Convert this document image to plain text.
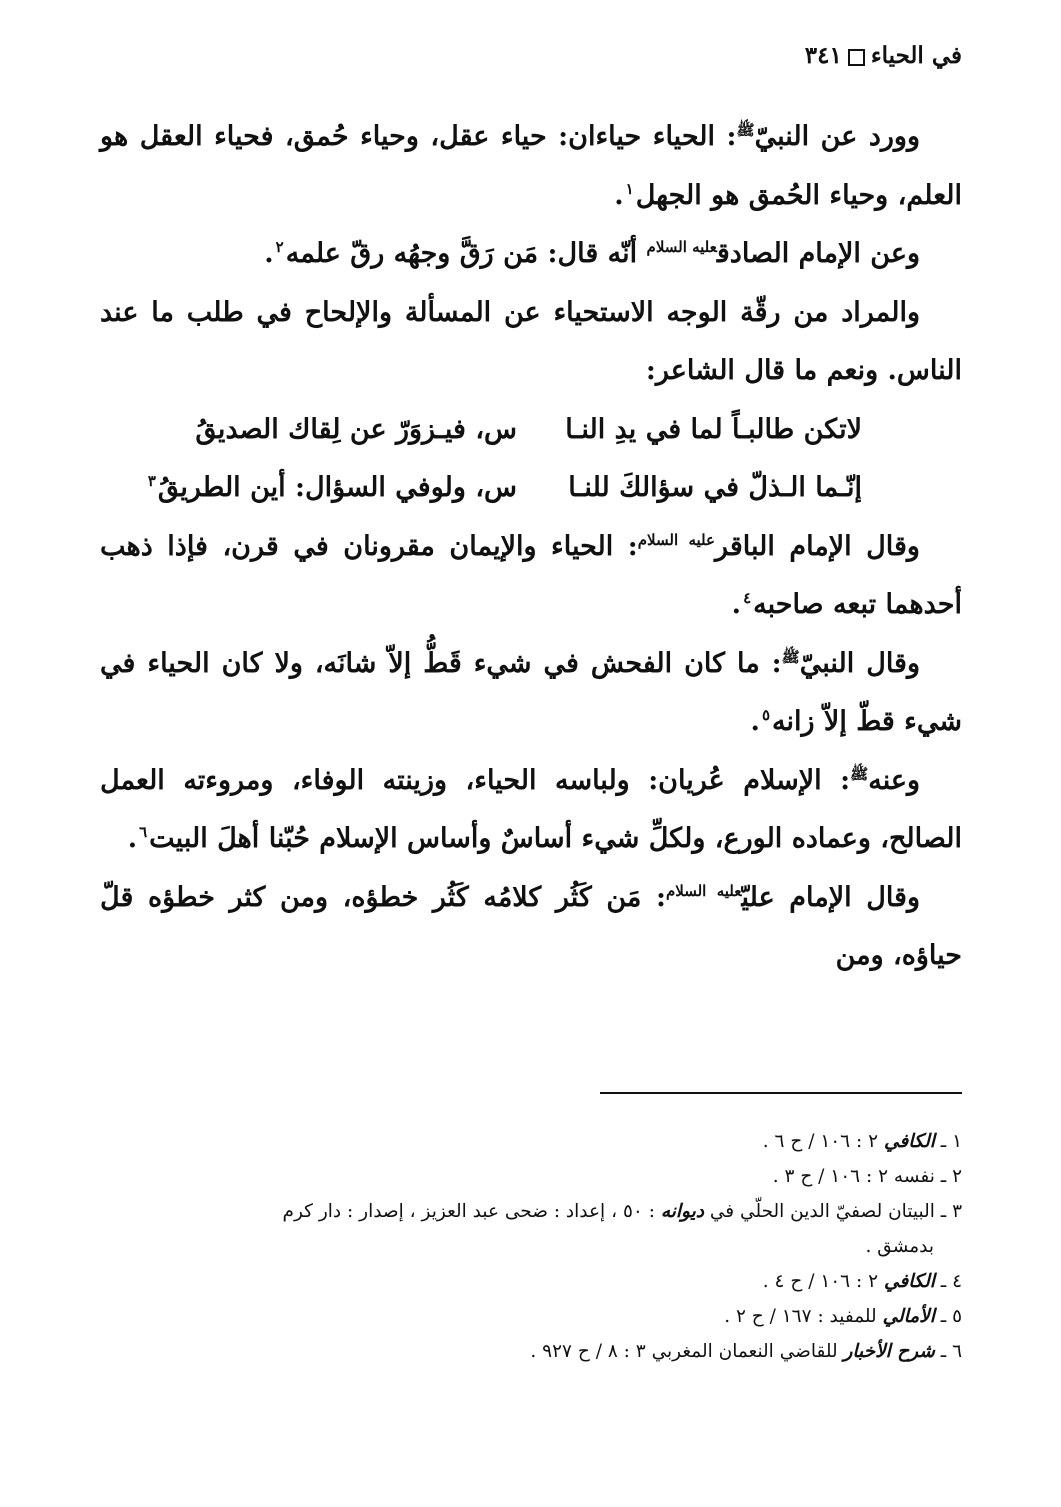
في الحياء٣٤١

وورد عن النبيّ$^ﷺ$: الحياء حياءان: حياء عقل، وحياء حُمق، فحياء العقل هو العلم، وحياء الحُمق هو الجهل$^١$.

وعن الإمام الصادق$^{عليه السلام}$ أنّه قال: مَن رَقَّ وجهُه رقّ علمه$^٢$.

والمراد من رقّة الوجه الاستحياء عن المسألة والإلحاح في طلب ما عند الناس. ونعم ما قال الشاعر:

لاتكن طالبـاً لما في يدِ النـا
س، فيـزوَرّ عن لِقاك الصديقُ
إنّـما الـذلّ في سؤالكَ للنـا
س، ولوفي السؤال: أين الطريقُ$^٣$

وقال الإمام الباقر$^{عليه السلام}$: الحياء والإيمان مقرونان في قرن، فإذا ذهب أحدهما تبعه صاحبه$^٤$.

وقال النبيّ$^ﷺ$: ما كان الفحش في شيء قَطُّ إلاّ شانَه، ولا كان الحياء في شيء قطّ إلاّ زانه$^٥$.

وعنه$^ﷺ$: الإسلام عُريان: ولباسه الحياء، وزينته الوفاء، ومروءته العمل الصالح، وعماده الورع، ولكلِّ شيء أساسٌ وأساس الإسلام حُبّنا أهلَ البيت$^٦$.

وقال الإمام عليّ$^{عليه السلام}$: مَن كَثُر كلامُه كَثُر خطؤه، ومن كثر خطؤه قلّ حياؤه، ومن

١ ـ الكافي ٢ : ١٠٦ / ح ٦ .

٢ ـ نفسه ٢ : ١٠٦ / ح ٣ .

٣ ـ البيتان لصفيّ الدين الحلّي في ديوانه : ٥٠ ، إعداد : ضحى عبد العزيز ، إصدار : دار كرم
بدمشق .

٤ ـ الكافي ٢ : ١٠٦ / ح ٤ .

٥ ـ الأمالي للمفيد : ١٦٧ / ح ٢ .

٦ ـ شرح الأخبار للقاضي النعمان المغربي ٣ : ٨ / ح ٩٢٧ .
